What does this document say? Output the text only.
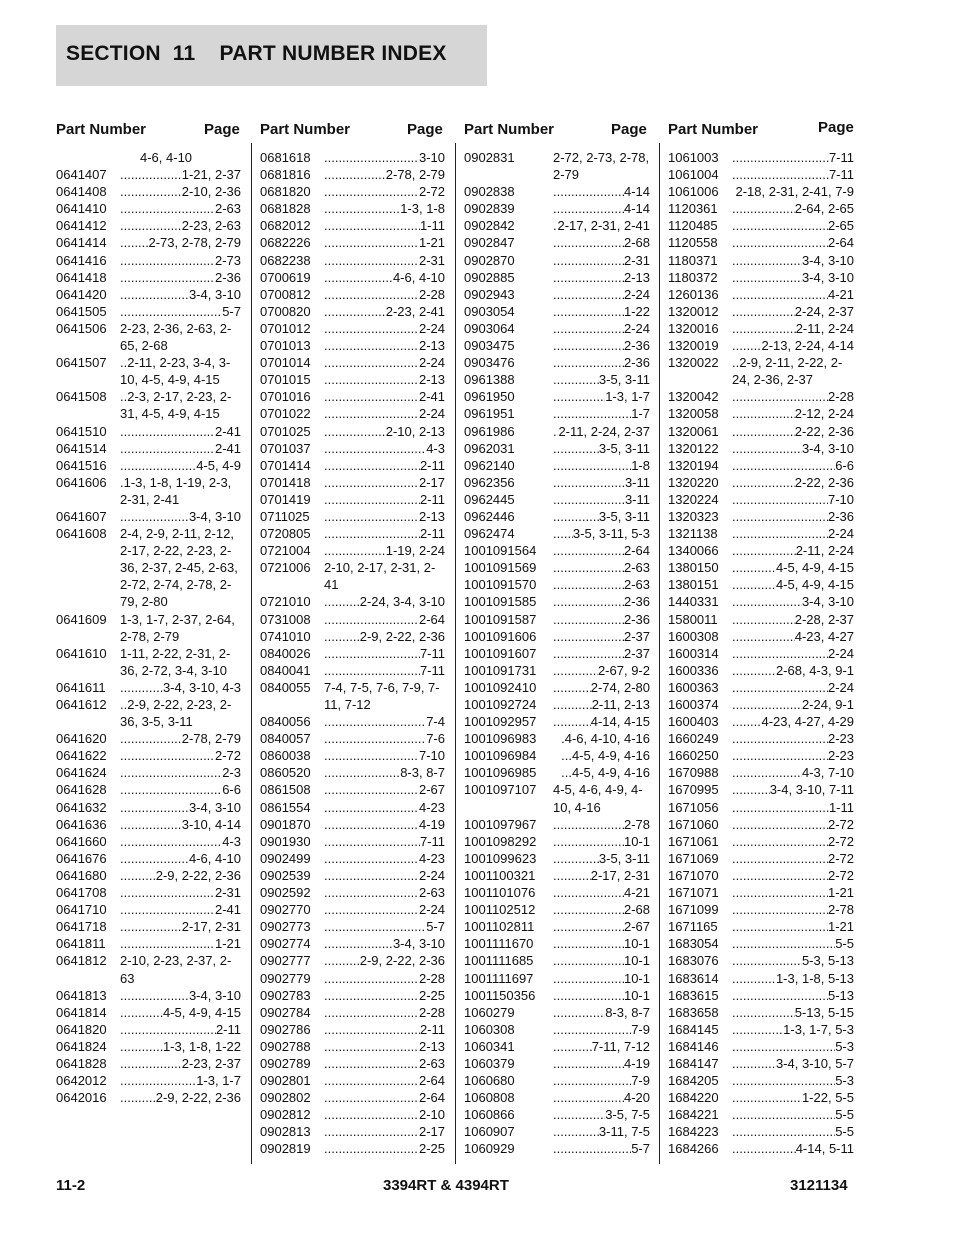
SECTION  11    PART NUMBER INDEX
Part Number	Page
4-6, 4-10
0641407 .....	1-21, 2-37
0641408 .....	2-10, 2-36
0641410 .....	2-63
0641412 .....	2-23, 2-63
0641414 .....	2-73, 2-78, 2-79
0641416 .....	2-73
0641418 .....	2-36
0641420 .....	3-4, 3-10
0641505 .....	5-7
0641506	2-23, 2-36, 2-63, 2-65, 2-68
0641507	..2-11, 2-23, 3-4, 3-10, 4-5, 4-9, 4-15
0641508	..2-3, 2-17, 2-23, 2-31, 4-5, 4-9, 4-15
0641510 .....	2-41
0641514 .....	2-41
0641516 .....	4-5, 4-9
0641606	.1-3, 1-8, 1-19, 2-3, 2-31, 2-41
0641607 .....	3-4, 3-10
0641608	2-4, 2-9, 2-11, 2-12, 2-17, 2-22, 2-23, 2-36, 2-37, 2-45, 2-63, 2-72, 2-74, 2-78, 2-79, 2-80
0641609	1-3, 1-7, 2-37, 2-64, 2-78, 2-79
0641610	1-11, 2-22, 2-31, 2-36, 2-72, 3-4, 3-10
0641611 .....	3-4, 3-10, 4-3
0641612	..2-9, 2-22, 2-23, 2-36, 3-5, 3-11
0641620 .....	2-78, 2-79
0641622 .....	2-72
0641624 .....	2-3
0641628 .....	6-6
0641632 .....	3-4, 3-10
0641636 .....	3-10, 4-14
0641660 .....	4-3
0641676 .....	4-6, 4-10
0641680 .....	2-9, 2-22, 2-36
0641708 .....	2-31
0641710 .....	2-41
0641718 .....	2-17, 2-31
0641811 .....	1-21
0641812	2-10, 2-23, 2-37, 2-63
0641813 .....	3-4, 3-10
0641814 .....	4-5, 4-9, 4-15
0641820 .....	2-11
0641824 .....	1-3, 1-8, 1-22
0641828 .....	2-23, 2-37
0642012 .....	1-3, 1-7
0642016 .....	2-9, 2-22, 2-36
Part Number	Page
0681618 .....	3-10
0681816 .....	2-78, 2-79
0681820 .....	2-72
0681828 .....	1-3, 1-8
0682012 .....	1-11
0682226 .....	1-21
0682238 .....	2-31
0700619 .....	4-6, 4-10
0700812 .....	2-28
0700820 .....	2-23, 2-41
0701012 .....	2-24
0701013 .....	2-13
0701014 .....	2-24
0701015 .....	2-13
0701016 .....	2-41
0701022 .....	2-24
0701025 .....	2-10, 2-13
0701037 .....	4-3
0701414 .....	2-11
0701418 .....	2-17
0701419 .....	2-11
0711025 .....	2-13
0720805 .....	2-11
0721004 .....	1-19, 2-24
0721006	2-10, 2-17, 2-31, 2-41
0721010 .....	2-24, 3-4, 3-10
0731008 .....	2-64
0741010 .....	2-9, 2-22, 2-36
0840026 .....	7-11
0840041 .....	7-11
0840055	7-4, 7-5, 7-6, 7-9, 7-11, 7-12
0840056 .....	7-4
0840057 .....	7-6
0860038 .....	7-10
0860520 .....	8-3, 8-7
0861508 .....	2-67
0861554 .....	4-23
0901870 .....	4-19
0901930 .....	7-11
0902499 .....	4-23
0902539 .....	2-24
0902592 .....	2-63
0902770 .....	2-24
0902773 .....	5-7
0902774 .....	3-4, 3-10
0902777 .....	2-9, 2-22, 2-36
0902779 .....	2-28
0902783 .....	2-25
0902784 .....	2-28
0902786 .....	2-11
0902788 .....	2-13
0902789 .....	2-63
0902801 .....	2-64
0902802 .....	2-64
0902812 .....	2-10
0902813 .....	2-17
0902819 .....	2-25
Part Number	Page
0902831	2-72, 2-73, 2-78, 2-79
0902838 .....	4-14
0902839 .....	4-14
0902842 .....	2-17, 2-31, 2-41
0902847 .....	2-68
0902870 .....	2-31
0902885 .....	2-13
0902943 .....	2-24
0903054 .....	1-22
0903064 .....	2-24
0903475 .....	2-36
0903476 .....	2-36
0961388 .....	3-5, 3-11
0961950 .....	1-3, 1-7
0961951 .....	1-7
0961986 .....	2-11, 2-24, 2-37
0962031 .....	3-5, 3-11
0962140 .....	1-8
0962356 .....	3-11
0962445 .....	3-11
0962446 .....	3-5, 3-11
0962474 .....	3-5, 3-11, 5-3
1001091564 .....	2-64
1001091569 .....	2-63
1001091570 .....	2-63
1001091585 .....	2-36
1001091587 .....	2-36
1001091606 .....	2-37
1001091607 .....	2-37
1001091731 .....	2-67, 9-2
1001092410 .....	2-74, 2-80
1001092724 .....	2-11, 2-13
1001092957 .....	4-14, 4-15
1001096983	.4-6, 4-10, 4-16
1001096984	...4-5, 4-9, 4-16
1001096985	...4-5, 4-9, 4-16
1001097107	4-5, 4-6, 4-9, 4-10, 4-16
1001097967 .....	2-78
1001098292 .....	10-1
1001099623 .....	3-5, 3-11
1001100321 .....	2-17, 2-31
1001101076 .....	4-21
1001102512 .....	2-68
1001102811 .....	2-67
1001111670 .....	10-1
1001111685 .....	10-1
1001111697 .....	10-1
1001150356 .....	10-1
1060279 .....	8-3, 8-7
1060308 .....	7-9
1060341 .....	7-11, 7-12
1060379 .....	4-19
1060680 .....	7-9
1060808 .....	4-20
1060866 .....	3-5, 7-5
1060907 .....	3-11, 7-5
1060929 .....	5-7
Part Number	Page
1061003 .....	7-11
1061004 .....	7-11
1061006	2-18, 2-31, 2-41, 7-9
1120361 .....	2-64, 2-65
1120485 .....	2-65
1120558 .....	2-64
1180371 .....	3-4, 3-10
1180372 .....	3-4, 3-10
1260136 .....	4-21
1320012 .....	2-24, 2-37
1320016 .....	2-11, 2-24
1320019 .....	2-13, 2-24, 4-14
1320022	..2-9, 2-11, 2-22, 2-24, 2-36, 2-37
1320042 .....	2-28
1320058 .....	2-12, 2-24
1320061 .....	2-22, 2-36
1320122 .....	3-4, 3-10
1320194 .....	6-6
1320220 .....	2-22, 2-36
1320224 .....	7-10
1320323 .....	2-36
1321138 .....	2-24
1340066 .....	2-11, 2-24
1380150 .....	4-5, 4-9, 4-15
1380151 .....	4-5, 4-9, 4-15
1440331 .....	3-4, 3-10
1580011 .....	2-28, 2-37
1600308 .....	4-23, 4-27
1600314 .....	2-24
1600336 .....	2-68, 4-3, 9-1
1600363 .....	2-24
1600374 .....	2-24, 9-1
1600403 .....	4-23, 4-27, 4-29
1660249 .....	2-23
1660250 .....	2-23
1670988 .....	4-3, 7-10
1670995 .....	3-4, 3-10, 7-11
1671056 .....	1-11
1671060 .....	2-72
1671061 .....	2-72
1671069 .....	2-72
1671070 .....	2-72
1671071 .....	1-21
1671099 .....	2-78
1671165 .....	1-21
1683054 .....	5-5
1683076 .....	5-3, 5-13
1683614 .....	1-3, 1-8, 5-13
1683615 .....	5-13
1683658 .....	5-13, 5-15
1684145 .....	1-3, 1-7, 5-3
1684146 .....	5-3
1684147 .....	3-4, 3-10, 5-7
1684205 .....	5-3
1684220 .....	1-22, 5-5
1684221 .....	5-5
1684223 .....	5-5
1684266 .....	4-14, 5-11
11-2	3394RT & 4394RT	3121134
